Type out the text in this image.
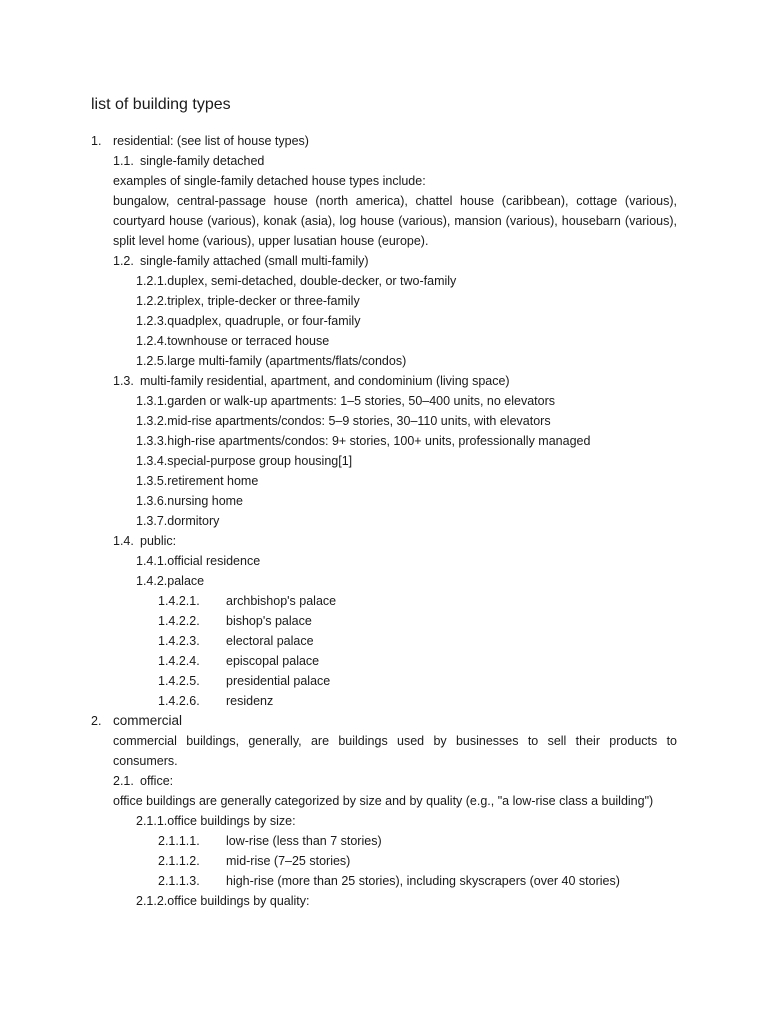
list of building types
1. residential: (see list of house types)
1.1. single-family detached
examples of single-family detached house types include:
bungalow, central-passage house (north america), chattel house (caribbean), cottage (various),
courtyard house (various), konak (asia), log house (various), mansion (various), housebarn (various),
split level home (various), upper lusatian house (europe).
1.2. single-family attached (small multi-family)
1.2.1.duplex, semi-detached, double-decker, or two-family
1.2.2.triplex, triple-decker or three-family
1.2.3.quadplex, quadruple, or four-family
1.2.4.townhouse or terraced house
1.2.5.large multi-family (apartments/flats/condos)
1.3. multi-family residential, apartment, and condominium (living space)
1.3.1.garden or walk-up apartments: 1–5 stories, 50–400 units, no elevators
1.3.2.mid-rise apartments/condos: 5–9 stories, 30–110 units, with elevators
1.3.3.high-rise apartments/condos: 9+ stories, 100+ units, professionally managed
1.3.4.special-purpose group housing[1]
1.3.5.retirement home
1.3.6.nursing home
1.3.7.dormitory
1.4. public:
1.4.1.official residence
1.4.2.palace
1.4.2.1. archbishop's palace
1.4.2.2. bishop's palace
1.4.2.3. electoral palace
1.4.2.4. episcopal palace
1.4.2.5. presidential palace
1.4.2.6. residenz
2. commercial
commercial buildings, generally, are buildings used by businesses to sell their products to
consumers.
2.1. office:
office buildings are generally categorized by size and by quality (e.g., "a low-rise class a building")
2.1.1.office buildings by size:
2.1.1.1. low-rise (less than 7 stories)
2.1.1.2. mid-rise (7–25 stories)
2.1.1.3. high-rise (more than 25 stories), including skyscrapers (over 40 stories)
2.1.2.office buildings by quality:
